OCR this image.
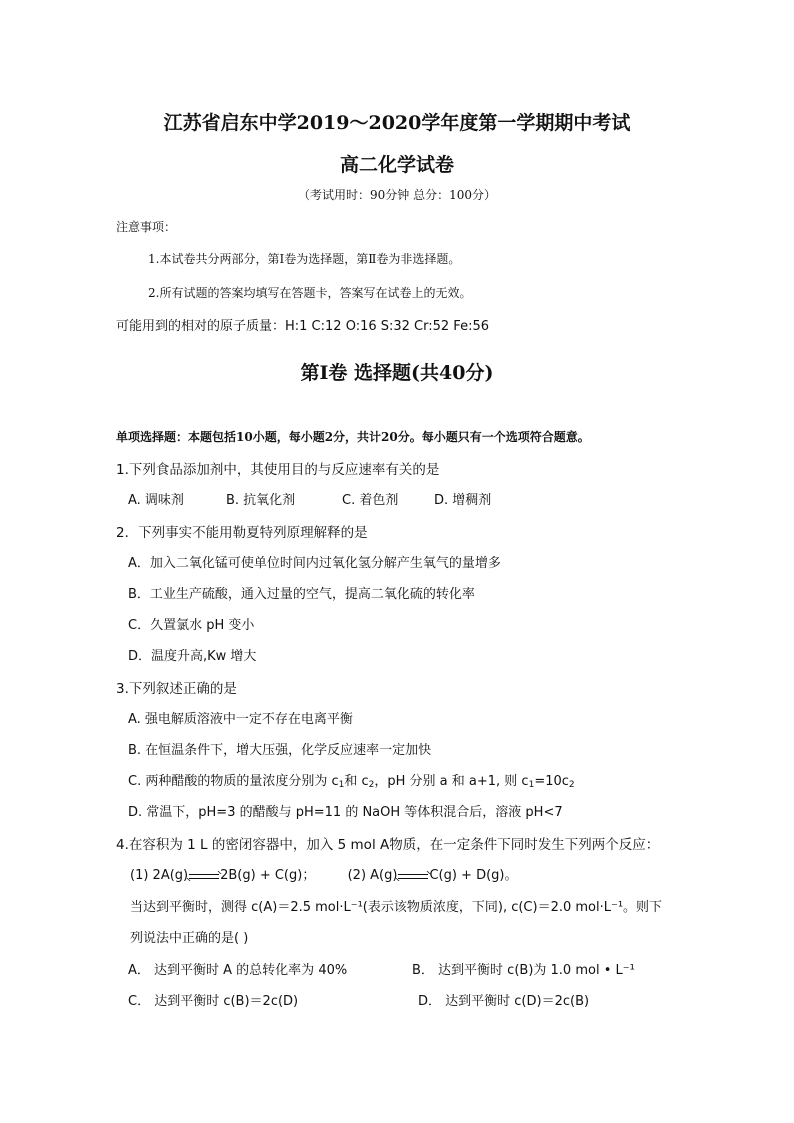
江苏省启东中学2019～2020学年度第一学期期中考试
高二化学试卷
（考试用时：90分钟 总分：100分）
注意事项：
1.本试卷共分两部分，第Ⅰ卷为选择题，第Ⅱ卷为非选择题。
2.所有试题的答案均填写在答题卡，答案写在试卷上的无效。
可能用到的相对的原子质量：H:1 C:12 O:16 S:32 Cr:52 Fe:56
第Ⅰ卷 选择题(共40分)
单项选择题：本题包括10小题，每小题2分，共计20分。每小题只有一个选项符合题意。
1.下列食品添加剂中，其使用目的与反应速率有关的是
A. 调味剂	B. 抗氧化剂	C. 着色剂	D. 增稠剂
2．下列事实不能用勒夏特列原理解释的是
A．加入二氧化锰可使单位时间内过氧化氢分解产生氧气的量增多
B．工业生产硫酸，通入过量的空气，提高二氧化硫的转化率
C．久置氯水 pH 变小
D．温度升高,Kw 增大
3.下列叙述正确的是
A. 强电解质溶液中一定不存在电离平衡
B. 在恒温条件下，增大压强，化学反应速率一定加快
C. 两种醋酸的物质的量浓度分别为 $c_1$和 $c_2$，pH 分别 a 和 a+1, 则 $c_1=10c_2$
D. 常温下，pH=3 的醋酸与 pH=11 的 NaOH 等体积混合后，溶液 pH<7
4.在容积为 1 L 的密闭容器中，加入 5 mol A物质，在一定条件下同时发生下列两个反应：
(1) 2A(g) 2B(g) + C(g)； (2) A(g) C(g) + D(g)。
当达到平衡时，测得 c(A)＝2.5 mol·L⁻¹(表示该物质浓度，下同), c(C)＝2.0 mol·L⁻¹。则下
列说法中正确的是( )
A． 达到平衡时 A 的总转化率为 40%	B． 达到平衡时 c(B)为 1.0 mol • L⁻¹
C． 达到平衡时 c(B)＝2c(D)	D． 达到平衡时 c(D)＝2c(B)
